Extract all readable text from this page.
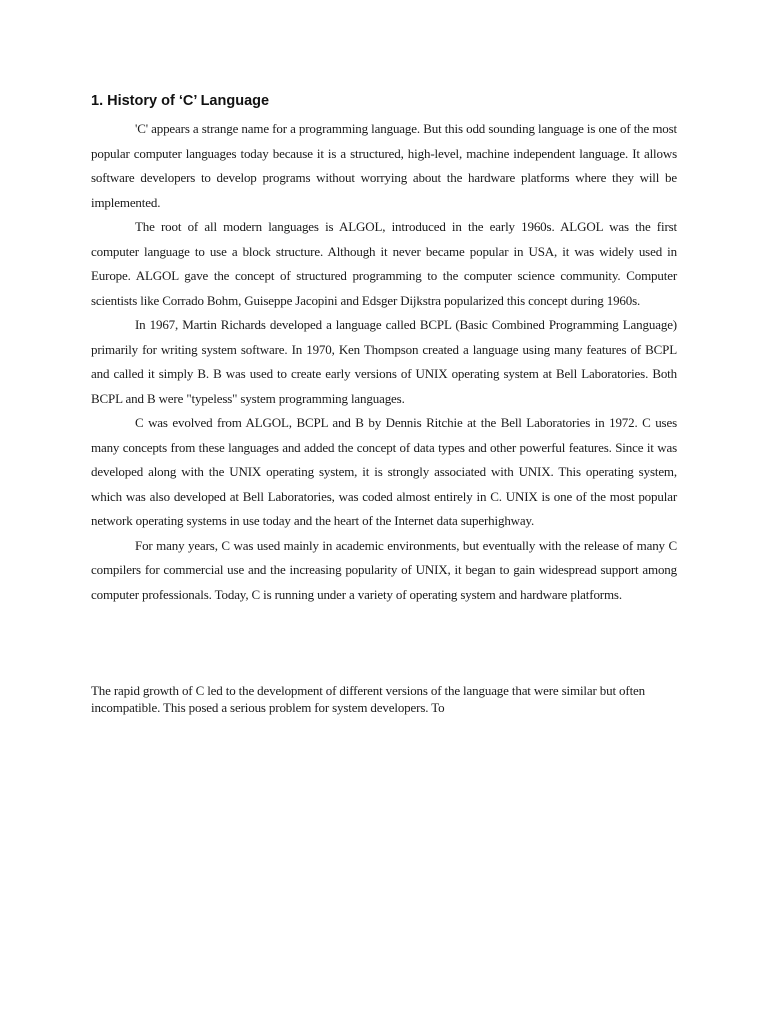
1. History of ‘C’ Language

'C' appears a strange name for a programming language. But this odd sounding language is one of the most popular computer languages today because it is a structured, high-level, machine independent language. It allows software developers to develop programs without worrying about the hardware platforms where they will be implemented.

The root of all modern languages is ALGOL, introduced in the early 1960s. ALGOL was the first computer language to use a block structure. Although it never became popular in USA, it was widely used in Europe. ALGOL gave the concept of structured programming to the computer science community. Computer scientists like Corrado Bohm, Guiseppe Jacopini and Edsger Dijkstra popularized this concept during 1960s.

In 1967, Martin Richards developed a language called BCPL (Basic Combined Programming Language) primarily for writing system software. In 1970, Ken Thompson created a language using many features of BCPL and called it simply B. B was used to create early versions of UNIX operating system at Bell Laboratories. Both BCPL and B were "typeless" system programming languages.

C was evolved from ALGOL, BCPL and B by Dennis Ritchie at the Bell Laboratories in 1972. C uses many concepts from these languages and added the concept of data types and other powerful features. Since it was developed along with the UNIX operating system, it is strongly associated with UNIX. This operating system, which was also developed at Bell Laboratories, was coded almost entirely in C. UNIX is one of the most popular network operating systems in use today and the heart of the Internet data superhighway.

For many years, C was used mainly in academic environments, but eventually with the release of many C compilers for commercial use and the increasing popularity of UNIX, it began to gain widespread support among computer professionals. Today, C is running under a variety of operating system and hardware platforms.

The rapid growth of C led to the development of different versions of the language that were similar but often incompatible. This posed a serious problem for system developers. To
